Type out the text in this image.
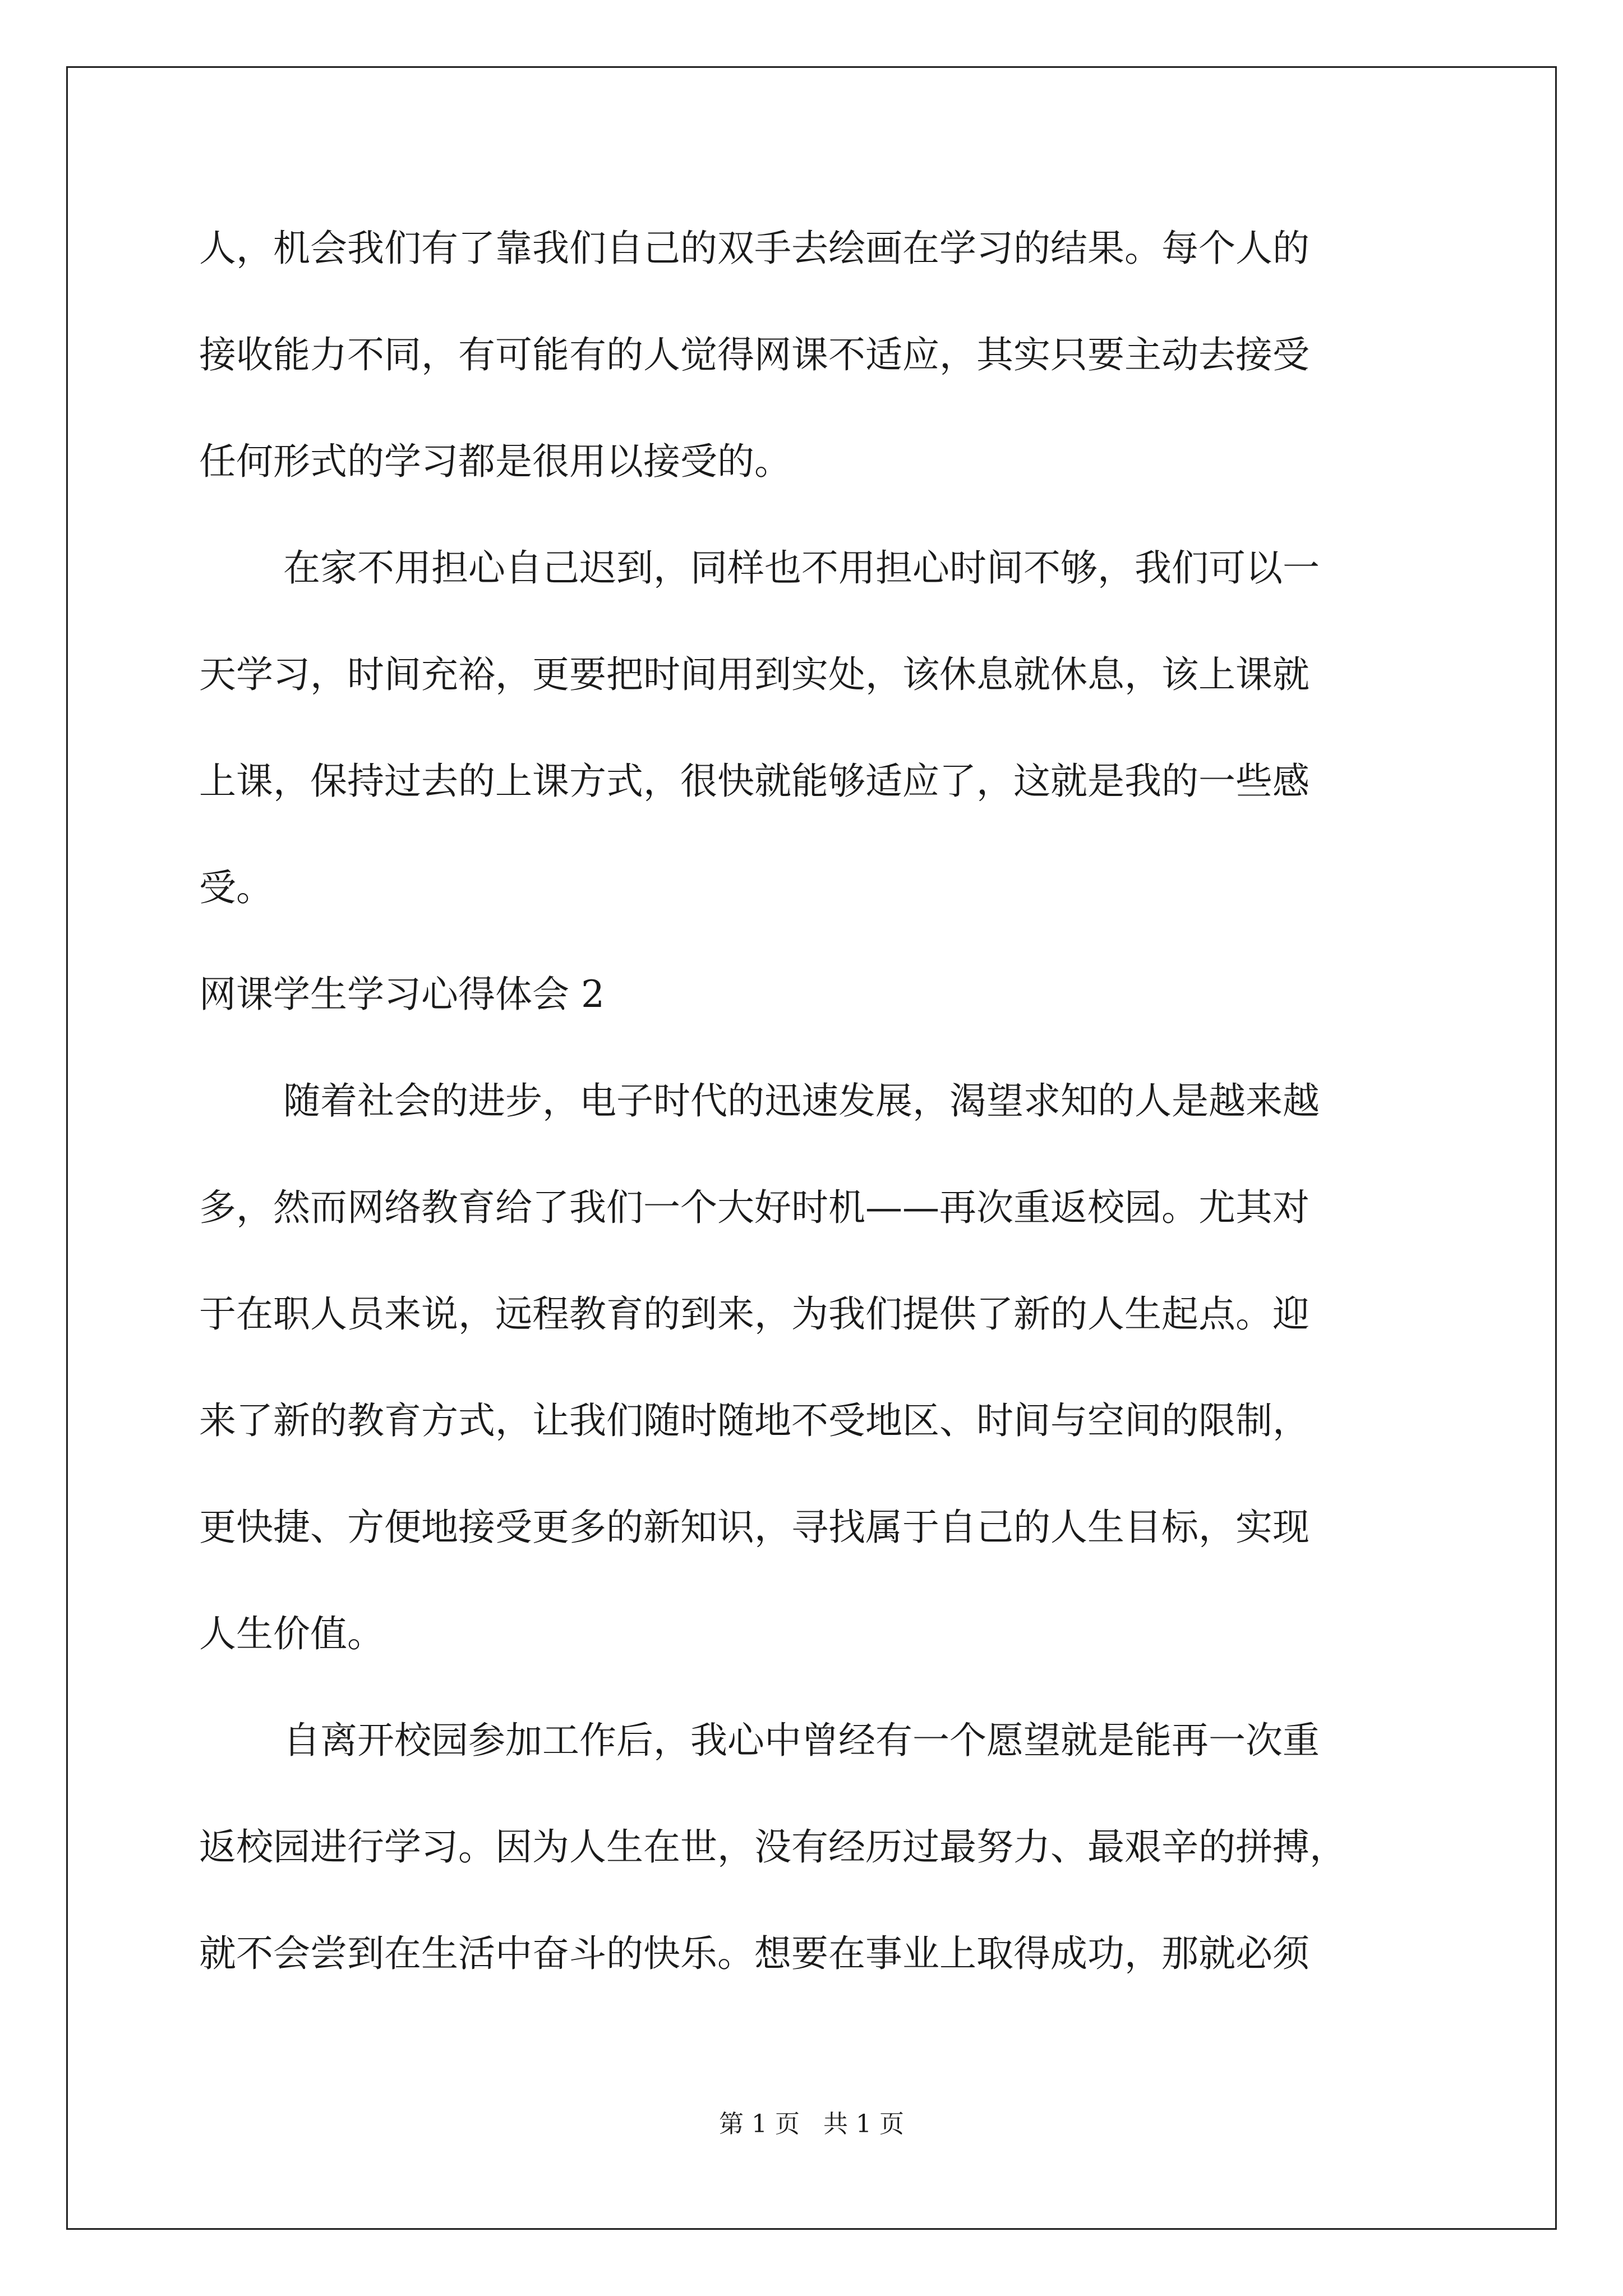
人，机会我们有了靠我们自己的双手去绘画在学习的结果。每个人的
接收能力不同，有可能有的人觉得网课不适应，其实只要主动去接受
任何形式的学习都是很用以接受的。
在家不用担心自己迟到，同样也不用担心时间不够，我们可以一
天学习，时间充裕，更要把时间用到实处，该休息就休息，该上课就
上课，保持过去的上课方式，很快就能够适应了，这就是我的一些感
受。
网课学生学习心得体会 2
随着社会的进步，电子时代的迅速发展，渴望求知的人是越来越
多，然而网络教育给了我们一个大好时机——再次重返校园。尤其对
于在职人员来说，远程教育的到来，为我们提供了新的人生起点。迎
来了新的教育方式，让我们随时随地不受地区、时间与空间的限制，
更快捷、方便地接受更多的新知识，寻找属于自己的人生目标，实现
人生价值。
自离开校园参加工作后，我心中曾经有一个愿望就是能再一次重
返校园进行学习。因为人生在世，没有经历过最努力、最艰辛的拼搏，
就不会尝到在生活中奋斗的快乐。想要在事业上取得成功，那就必须
第 1 页   共 1 页
